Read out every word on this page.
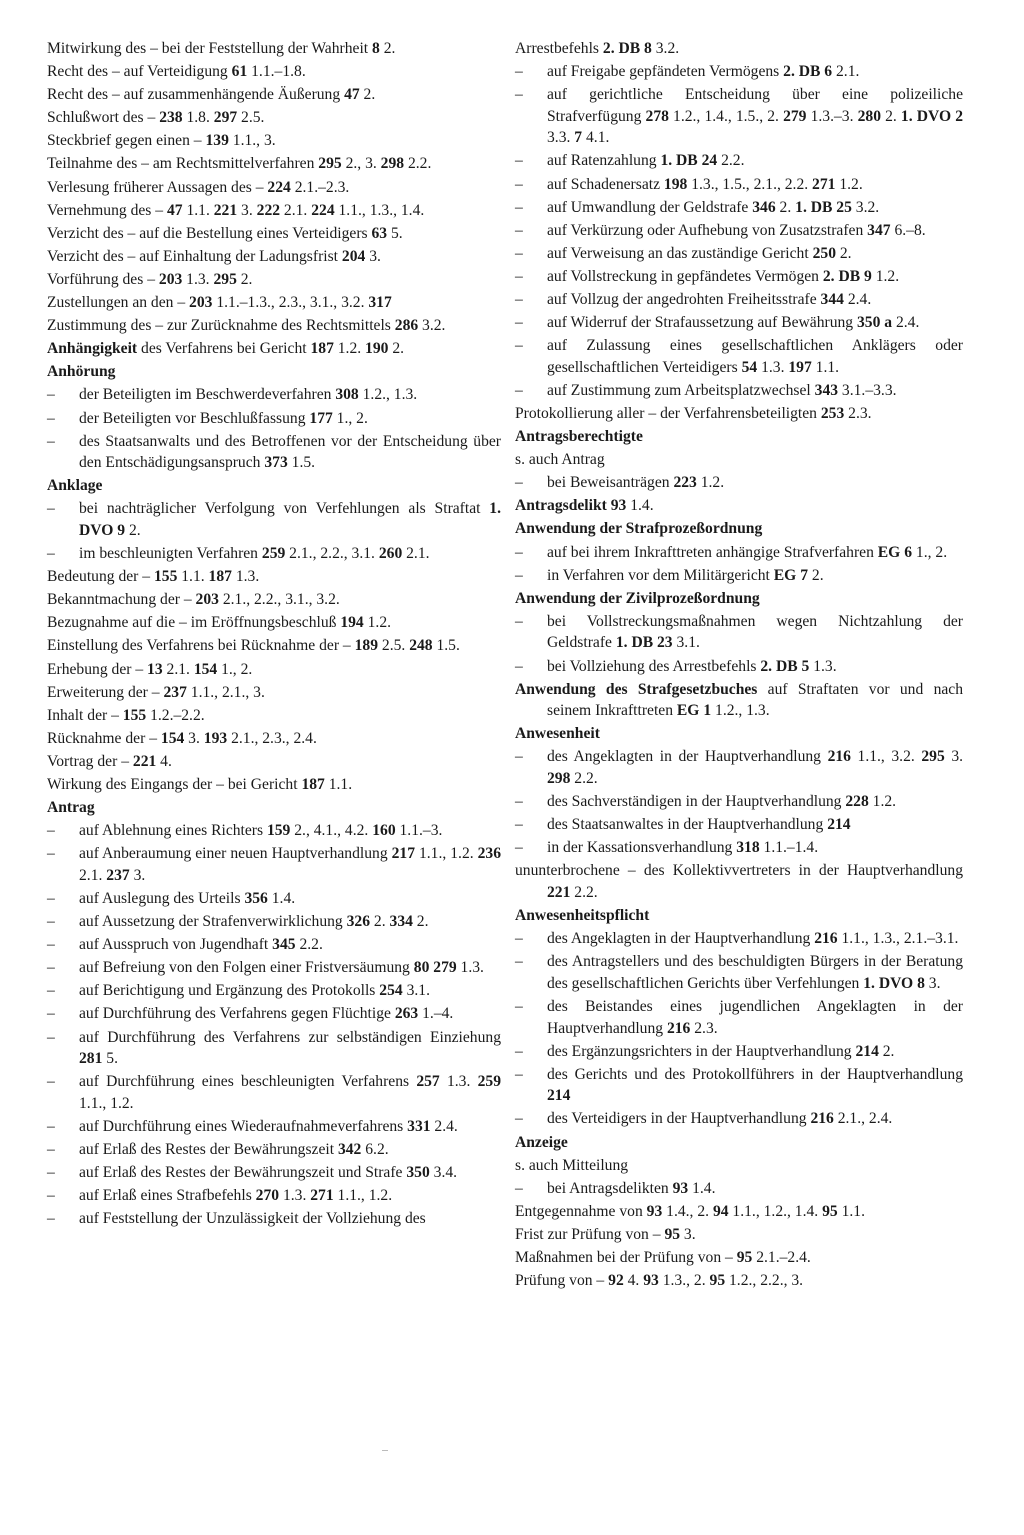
Mitwirkung des – bei der Feststellung der Wahrheit 8 2.
Recht des – auf Verteidigung 61 1.1.–1.8.
Recht des – auf zusammenhängende Äußerung 47 2.
Schlußwort des – 238 1.8. 297 2.5.
Steckbrief gegen einen – 139 1.1., 3.
Teilnahme des – am Rechtsmittelverfahren 295 2., 3. 298 2.2.
Verlesung früherer Aussagen des – 224 2.1.–2.3.
Vernehmung des – 47 1.1. 221 3. 222 2.1. 224 1.1., 1.3., 1.4.
Verzicht des – auf die Bestellung eines Verteidigers 63 5.
Verzicht des – auf Einhaltung der Ladungsfrist 204 3.
Vorführung des – 203 1.3. 295 2.
Zustellungen an den – 203 1.1.–1.3., 2.3., 3.1., 3.2. 317
Zustimmung des – zur Zurücknahme des Rechtsmittels 286 3.2.
Anhängigkeit des Verfahrens bei Gericht 187 1.2. 190 2.
Anhörung
– der Beteiligten im Beschwerdeverfahren 308 1.2., 1.3.
– der Beteiligten vor Beschlußfassung 177 1., 2.
– des Staatsanwalts und des Betroffenen vor der Entscheidung über den Entschädigungsanspruch 373 1.5.
Anklage
– bei nachträglicher Verfolgung von Verfehlungen als Straftat 1. DVO 9 2.
– im beschleunigten Verfahren 259 2.1., 2.2., 3.1. 260 2.1.
Bedeutung der – 155 1.1. 187 1.3.
Bekanntmachung der – 203 2.1., 2.2., 3.1., 3.2.
Bezugnahme auf die – im Eröffnungsbeschluß 194 1.2.
Einstellung des Verfahrens bei Rücknahme der – 189 2.5. 248 1.5.
Erhebung der – 13 2.1. 154 1., 2.
Erweiterung der – 237 1.1., 2.1., 3.
Inhalt der – 155 1.2.–2.2.
Rücknahme der – 154 3. 193 2.1., 2.3., 2.4.
Vortrag der – 221 4.
Wirkung des Eingangs der – bei Gericht 187 1.1.
Antrag
– auf Ablehnung eines Richters 159 2., 4.1., 4.2. 160 1.1.–3.
– auf Anberaumung einer neuen Hauptverhandlung 217 1.1., 1.2. 236 2.1. 237 3.
– auf Auslegung des Urteils 356 1.4.
– auf Aussetzung der Strafenverwirklichung 326 2. 334 2.
– auf Ausspruch von Jugendhaft 345 2.2.
– auf Befreiung von den Folgen einer Fristversäumung 80 279 1.3.
– auf Berichtigung und Ergänzung des Protokolls 254 3.1.
– auf Durchführung des Verfahrens gegen Flüchtige 263 1.–4.
– auf Durchführung des Verfahrens zur selbständigen Einziehung 281 5.
– auf Durchführung eines beschleunigten Verfahrens 257 1.3. 259 1.1., 1.2.
– auf Durchführung eines Wiederaufnahmeverfahrens 331 2.4.
– auf Erlaß des Restes der Bewährungszeit 342 6.2.
– auf Erlaß des Restes der Bewährungszeit und Strafe 350 3.4.
– auf Erlaß eines Strafbefehls 270 1.3. 271 1.1., 1.2.
– auf Feststellung der Unzulässigkeit der Vollziehung des
Arrestbefehls 2. DB 8 3.2.
– auf Freigabe gepfändeten Vermögens 2. DB 6 2.1.
– auf gerichtliche Entscheidung über eine polizeiliche Strafverfügung 278 1.2., 1.4., 1.5., 2. 279 1.3.–3. 280 2. 1. DVO 2 3.3. 7 4.1.
– auf Ratenzahlung 1. DB 24 2.2.
– auf Schadenersatz 198 1.3., 1.5., 2.1., 2.2. 271 1.2.
– auf Umwandlung der Geldstrafe 346 2. 1. DB 25 3.2.
– auf Verkürzung oder Aufhebung von Zusatzstrafen 347 6.–8.
– auf Verweisung an das zuständige Gericht 250 2.
– auf Vollstreckung in gepfändetes Vermögen 2. DB 9 1.2.
– auf Vollzug der angedrohten Freiheitsstrafe 344 2.4.
– auf Widerruf der Strafaussetzung auf Bewährung 350 a 2.4.
– auf Zulassung eines gesellschaftlichen Anklägers oder gesellschaftlichen Verteidigers 54 1.3. 197 1.1.
– auf Zustimmung zum Arbeitsplatzwechsel 343 3.1.–3.3.
Protokollierung aller – der Verfahrensbeteiligten 253 2.3.
Antragsberechtigte
s. auch Antrag
– bei Beweisanträgen 223 1.2.
Antragsdelikt 93 1.4.
Anwendung der Strafprozeßordnung
– auf bei ihrem Inkrafttreten anhängige Strafverfahren EG 6 1., 2.
– in Verfahren vor dem Militärgericht EG 7 2.
Anwendung der Zivilprozeßordnung
– bei Vollstreckungsmaßnahmen wegen Nichtzahlung der Geldstrafe 1. DB 23 3.1.
– bei Vollziehung des Arrestbefehls 2. DB 5 1.3.
Anwendung des Strafgesetzbuches auf Straftaten vor und nach seinem Inkrafttreten EG 1 1.2., 1.3.
Anwesenheit
– des Angeklagten in der Hauptverhandlung 216 1.1., 3.2. 295 3. 298 2.2.
– des Sachverständigen in der Hauptverhandlung 228 1.2.
– des Staatsanwaltes in der Hauptverhandlung 214
– in der Kassationsverhandlung 318 1.1.–1.4.
ununterbrochene – des Kollektivvertreters in der Hauptverhandlung 221 2.2.
Anwesenheitspflicht
– des Angeklagten in der Hauptverhandlung 216 1.1., 1.3., 2.1.–3.1.
– des Antragstellers und des beschuldigten Bürgers in der Beratung des gesellschaftlichen Gerichts über Verfehlungen 1. DVO 8 3.
– des Beistandes eines jugendlichen Angeklagten in der Hauptverhandlung 216 2.3.
– des Ergänzungsrichters in der Hauptverhandlung 214 2.
– des Gerichts und des Protokollführers in der Hauptverhandlung 214
– des Verteidigers in der Hauptverhandlung 216 2.1., 2.4.
Anzeige
s. auch Mitteilung
– bei Antragsdelikten 93 1.4.
Entgegennahme von 93 1.4., 2. 94 1.1., 1.2., 1.4. 95 1.1.
Frist zur Prüfung von – 95 3.
Maßnahmen bei der Prüfung von – 95 2.1.–2.4.
Prüfung von – 92 4. 93 1.3., 2. 95 1.2., 2.2., 3.
